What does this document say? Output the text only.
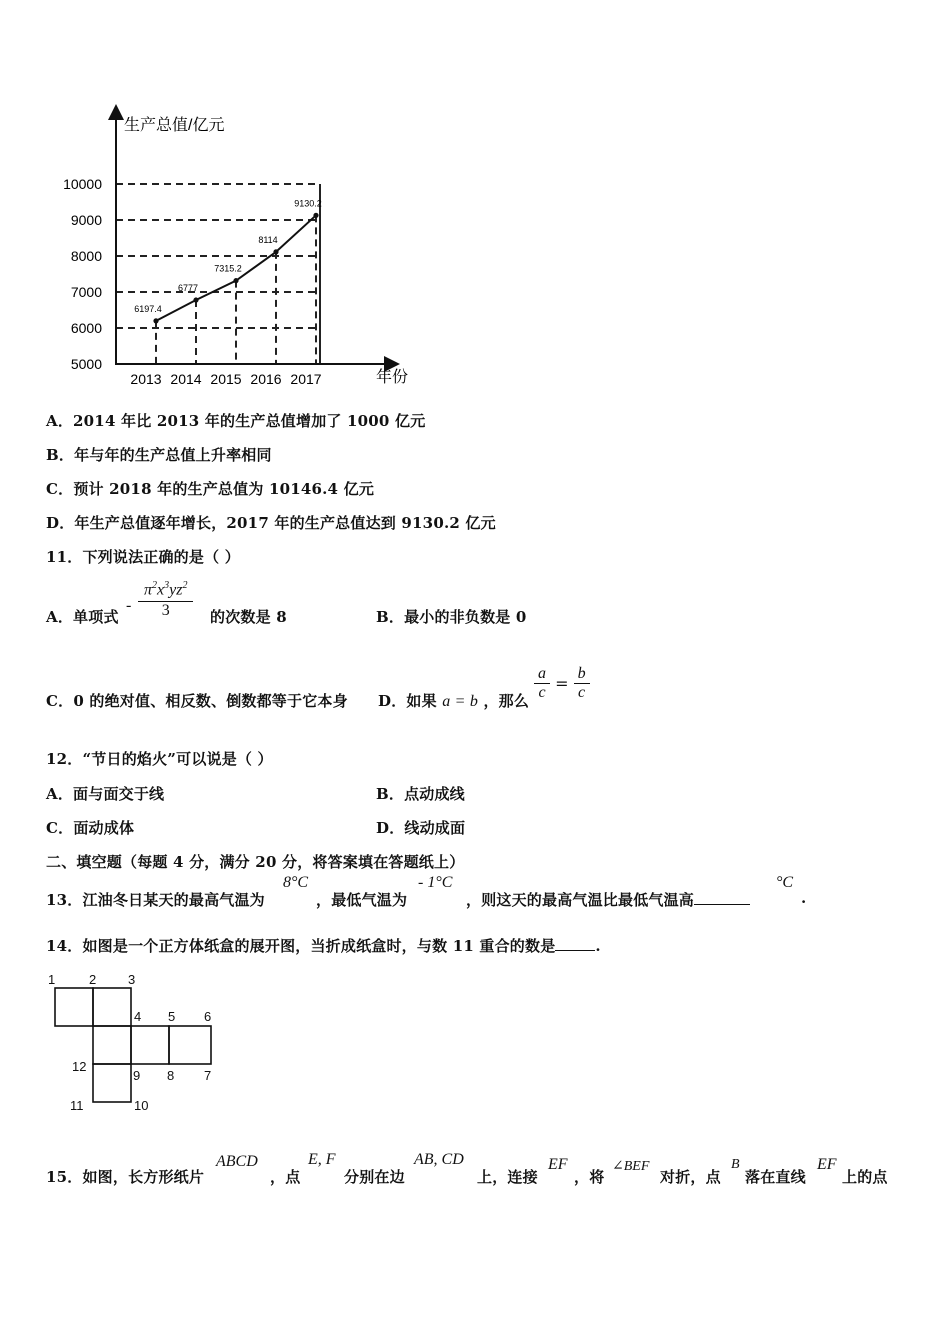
生产总值/亿元
年份
10000
9000
8000
7000
6000
5000
2013 2014 2015 2016 2017
6197.4
6777
7315.2
8114
9130.2
A．2014 年比 2013 年的生产总值增加了 1000 亿元
B．年与年的生产总值上升率相同
C．预计 2018 年的生产总值为 10146.4 亿元
D．年生产总值逐年增长，2017 年的生产总值达到 9130.2 亿元
11．下列说法正确的是（ ）
A．单项式
- $\frac{\pi^2x^3yz^2}{3}$ 的次数是 8	B．最小的非负数是 0
C．0 的绝对值、相反数、倒数都等于它本身 D．如果 a = b ，那么 $\frac{a}{c} = \frac{b}{c}$
12．“节日的焰火”可以说是（ ）
A．面与面交于线	B．点动成线
C．面动成体	D．线动成面
二、填空题（每题 4 分，满分 20 分，将答案填在答题纸上）
13．江油冬日某天的最高气温为
8°C
，最低气温为
- 1°C
，则这天的最高气温比最低气温高
°C
.
14．如图是一个正方体纸盒的展开图，当折成纸盒时，与数 11 重合的数是	.
1	2 3
4 5 6
12
9 8 7
11	10
15．如图，长方形纸片
ABCD
，点
E, F
分别在边
AB, CD
上，连接
EF
，将
∠BEF
对折，点
B
落在直线
EF
上的点
